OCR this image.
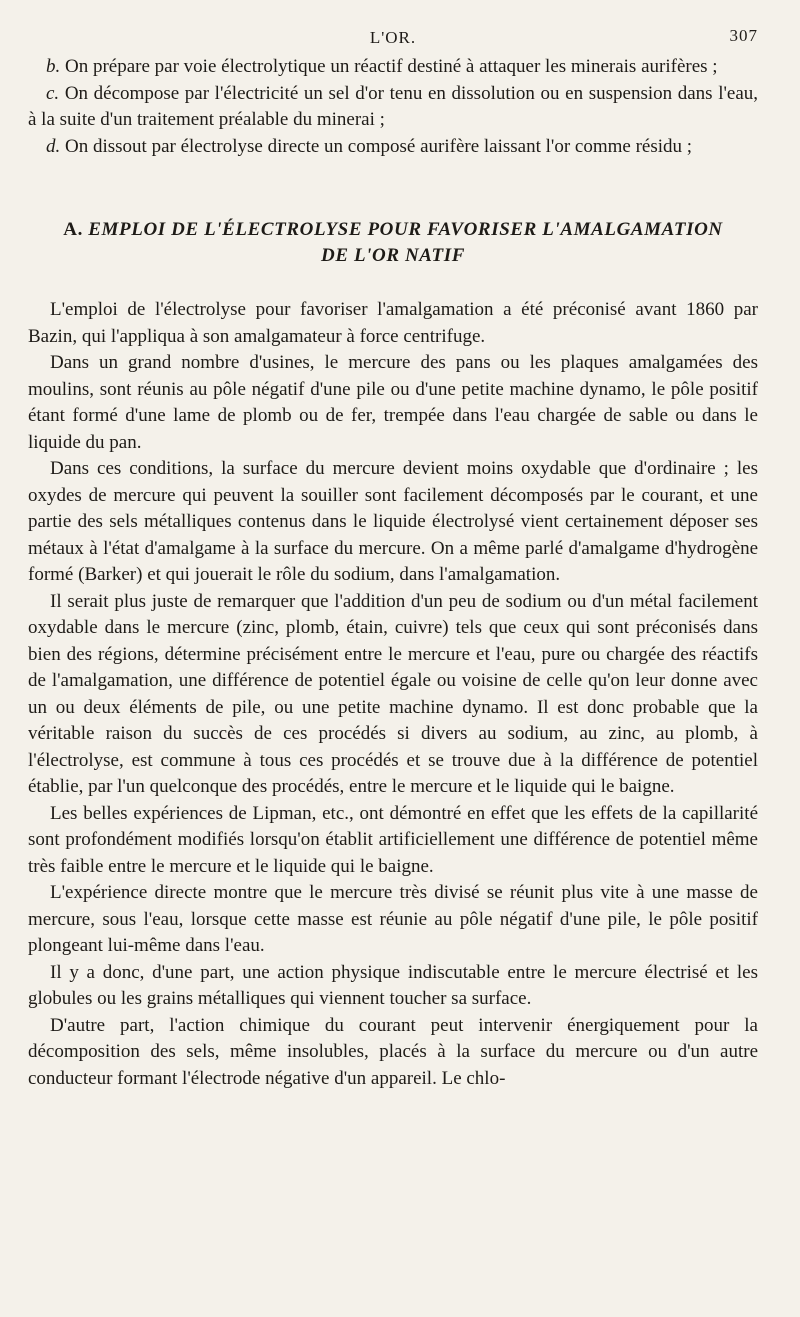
L'OR.	307

b. On prépare par voie électrolytique un réactif destiné à attaquer les minerais aurifères ;

c. On décompose par l'électricité un sel d'or tenu en dissolution ou en suspension dans l'eau, à la suite d'un traitement préalable du minerai ;

d. On dissout par électrolyse directe un composé aurifère laissant l'or comme résidu ;

A. EMPLOI DE L'ÉLECTROLYSE POUR FAVORISER L'AMALGAMATION
DE L'OR NATIF

L'emploi de l'électrolyse pour favoriser l'amalgamation a été préconisé avant 1860 par Bazin, qui l'appliqua à son amalgamateur à force centrifuge.

Dans un grand nombre d'usines, le mercure des pans ou les plaques amalgamées des moulins, sont réunis au pôle négatif d'une pile ou d'une petite machine dynamo, le pôle positif étant formé d'une lame de plomb ou de fer, trempée dans l'eau chargée de sable ou dans le liquide du pan.

Dans ces conditions, la surface du mercure devient moins oxydable que d'ordinaire ; les oxydes de mercure qui peuvent la souiller sont facilement décomposés par le courant, et une partie des sels métalliques contenus dans le liquide électrolysé vient certainement déposer ses métaux à l'état d'amalgame à la surface du mercure. On a même parlé d'amalgame d'hydrogène formé (Barker) et qui jouerait le rôle du sodium, dans l'amalgamation.

Il serait plus juste de remarquer que l'addition d'un peu de sodium ou d'un métal facilement oxydable dans le mercure (zinc, plomb, étain, cuivre) tels que ceux qui sont préconisés dans bien des régions, détermine précisément entre le mercure et l'eau, pure ou chargée des réactifs de l'amalgamation, une différence de potentiel égale ou voisine de celle qu'on leur donne avec un ou deux éléments de pile, ou une petite machine dynamo. Il est donc probable que la véritable raison du succès de ces procédés si divers au sodium, au zinc, au plomb, à l'électrolyse, est commune à tous ces procédés et se trouve due à la différence de potentiel établie, par l'un quelconque des procédés, entre le mercure et le liquide qui le baigne.

Les belles expériences de Lipman, etc., ont démontré en effet que les effets de la capillarité sont profondément modifiés lorsqu'on établit artificiellement une différence de potentiel même très faible entre le mercure et le liquide qui le baigne.

L'expérience directe montre que le mercure très divisé se réunit plus vite à une masse de mercure, sous l'eau, lorsque cette masse est réunie au pôle négatif d'une pile, le pôle positif plongeant lui-même dans l'eau.

Il y a donc, d'une part, une action physique indiscutable entre le mercure électrisé et les globules ou les grains métalliques qui viennent toucher sa surface.

D'autre part, l'action chimique du courant peut intervenir énergiquement pour la décomposition des sels, même insolubles, placés à la surface du mercure ou d'un autre conducteur formant l'électrode négative d'un appareil. Le chlo-
